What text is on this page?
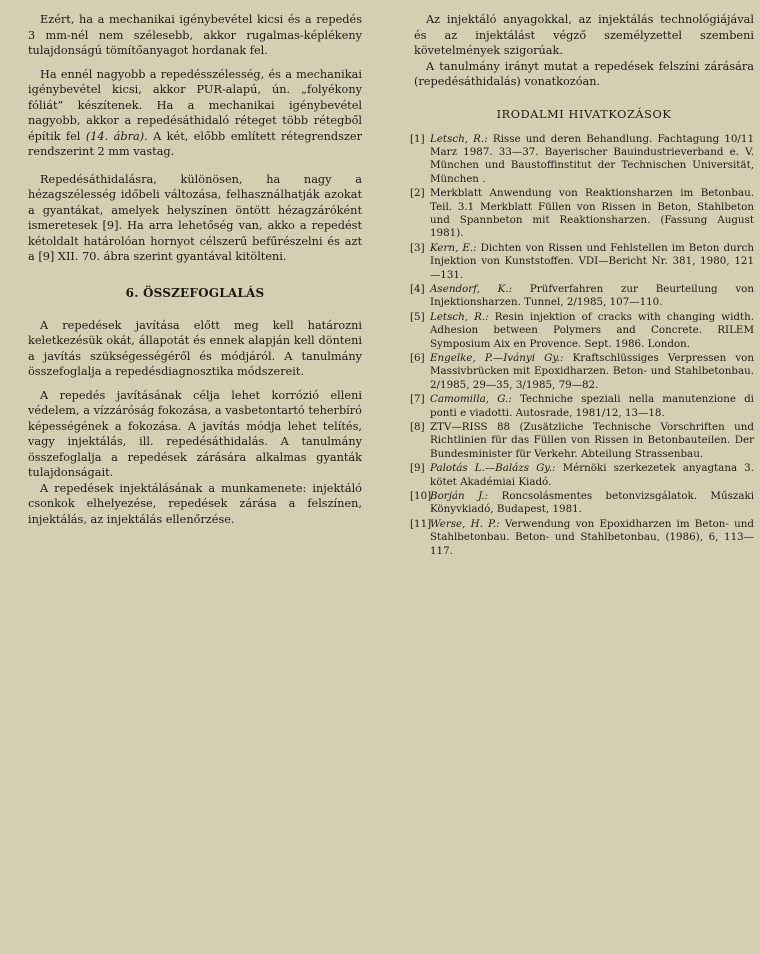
Ezért, ha a mechanikai igénybevétel kicsi és a repedés 3 mm-nél nem szélesebb, akkor rugalmas-képlékeny tulajdonságú tömítőanyagot hordanak fel.

Ha ennél nagyobb a repedésszélesség, és a mechanikai igénybevétel kicsi, akkor PUR-alapú, ún. „folyékony fóliát” készítenek. Ha a mechanikai igénybevétel nagyobb, akkor a repedésáthidaló réteget több rétegből építik fel (14. ábra). A két, előbb említett rétegrendszer rendszerint 2 mm vastag.

Repedésáthidalásra, különösen, ha nagy a hézagszélesség időbeli változása, felhasználhatják azokat a gyantákat, amelyek helyszínen öntött hézagzáróként ismeretesek [9]. Ha arra lehetőség van, akko a repedést kétoldalt határolóan hornyot célszerű befűrészelni és azt a [9] XII. 70. ábra szerint gyantával kitölteni.

6. ÖSSZEFOGLALÁS

A repedések javítása előtt meg kell határozni keletkezésük okát, állapotát és ennek alapján kell dönteni a javítás szükségességéről és módjáról. A tanulmány összefoglalja a repedésdiagnosztika módszereit.

A repedés javításának célja lehet korrózió elleni védelem, a vízzáróság fokozása, a vasbetontartó teherbíró képességének a fokozása. A javítás módja lehet telítés, vagy injektálás, ill. repedésáthidalás. A tanulmány összefoglalja a repedések zárására alkalmas gyanták tulajdonságait.

A repedések injektálásának a munkamenete: injektáló csonkok elhelyezése, repedések zárása a felszínen, injektálás, az injektálás ellenőrzése.

Az injektáló anyagokkal, az injektálás technológiájával és az injektálást végző személyzettel szembeni követelmények szigorúak.

A tanulmány irányt mutat a repedések felszíni zárására (repedésáthidalás) vonatkozóan.

IRODALMI HIVATKOZÁSOK
[1] Letsch, R.: Risse und deren Behandlung. Fachtagung 10/11 Marz 1987. 33—37. Bayerischer Bauindustrieverband e. V. München und Baustoffinstitut der Technischen Universität, München .
[2] Merkblatt Anwendung von Reaktionsharzen im Betonbau. Teil. 3.1 Merkblatt Füllen von Rissen in Beton, Stahlbeton und Spannbeton mit Reaktionsharzen. (Fassung August 1981).
[3] Kern, E.: Dichten von Rissen und Fehlstellen im Beton durch Injektion von Kunststoffen. VDI—Bericht Nr. 381, 1980, 121—131.
[4] Asendorf, K.: Prüfverfahren zur Beurteilung von Injektionsharzen. Tunnel, 2/1985, 107—110.
[5] Letsch, R.: Resin injektion of cracks with changing width. Adhesion between Polymers and Concrete. RILEM Symposium Aix en Provence. Sept. 1986. London.
[6] Engelke, P.—Iványi Gy.: Kraftschlüssiges Verpressen von Massivbrücken mit Epoxidharzen. Beton- und Stahlbetonbau. 2/1985, 29—35, 3/1985, 79—82.
[7] Camomilla, G.: Techniche speziali nella manutenzione di ponti e viadotti. Autosrade, 1981/12, 13—18.
[8] ZTV—RISS 88 (Zusätzliche Technische Vorschriften und Richtlinien für das Füllen von Rissen in Betonbauteilen. Der Bundesminister für Verkehr. Abteilung Strassenbau.
[9] Palotás L.—Balázs Gy.: Mérnöki szerkezetek anyagtana 3. kötet Akadémiai Kiadó.
[10]
Borján J.: Roncsolásmentes betonvizsgálatok. Műszaki Könyvkiadó, Budapest, 1981.
[11]
Werse, H. P.: Verwendung von Epoxidharzen im Beton- und Stahlbetonbau. Beton- und Stahlbetonbau, (1986), 6, 113—117.
